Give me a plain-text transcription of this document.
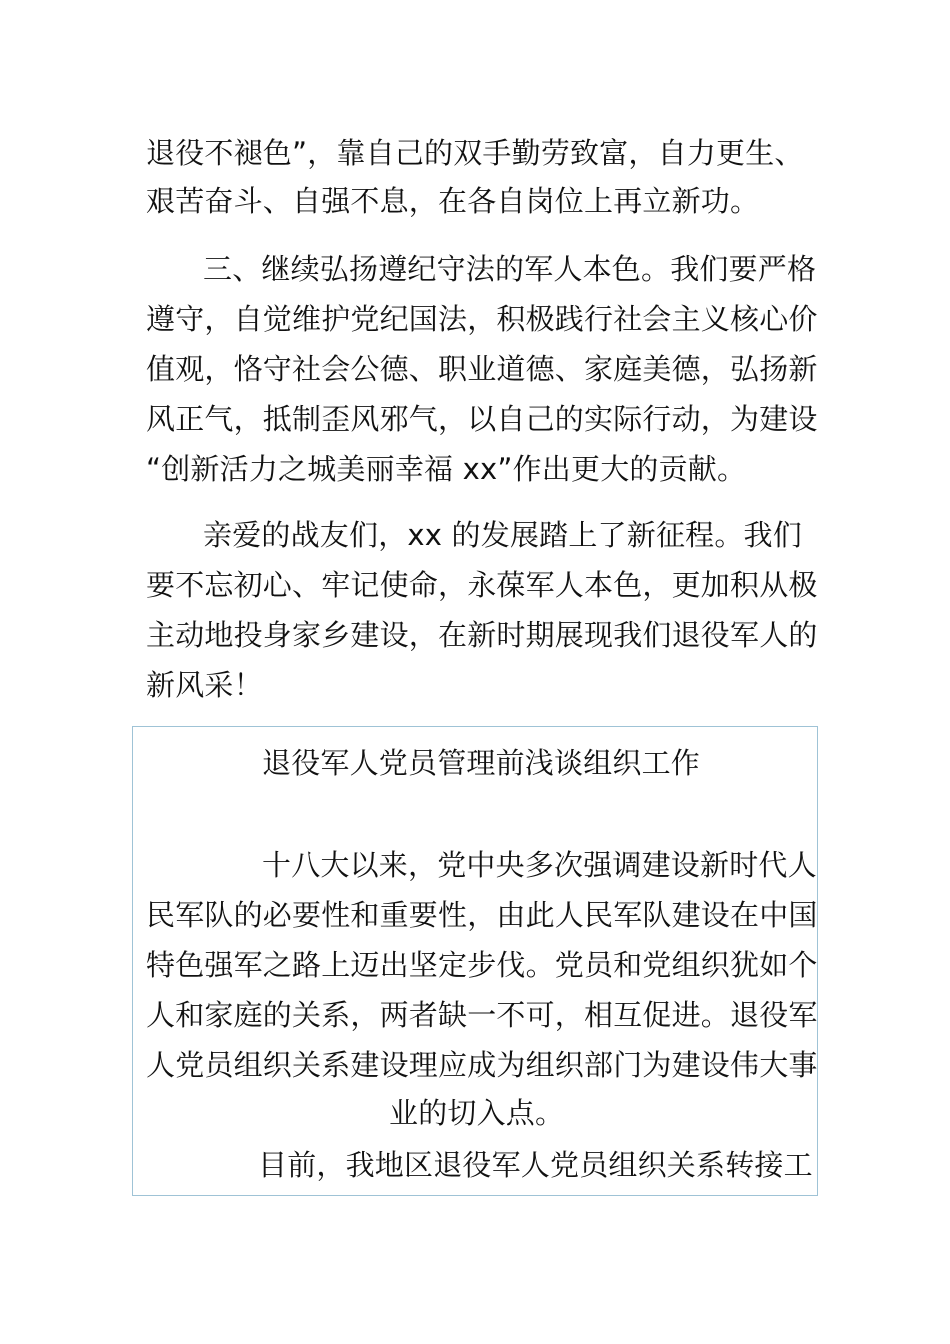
退役不褪色”，靠自己的双手勤劳致富，自力更生、
艰苦奋斗、自强不息，在各自岗位上再立新功。
三、继续弘扬遵纪守法的军人本色。我们要严格
遵守，自觉维护党纪国法，积极践行社会主义核心价
值观，恪守社会公德、职业道德、家庭美德，弘扬新
风正气，抵制歪风邪气，以自己的实际行动，为建设
“创新活力之城美丽幸福 xx”作出更大的贡献。
亲爱的战友们，xx 的发展踏上了新征程。我们
要不忘初心、牢记使命，永葆军人本色，更加积从极
主动地投身家乡建设，在新时期展现我们退役军人的
新风采！
退役军人党员管理前浅谈组织工作
十八大以来，党中央多次强调建设新时代人
民军队的必要性和重要性，由此人民军队建设在中国
特色强军之路上迈出坚定步伐。党员和党组织犹如个
人和家庭的关系，两者缺一不可，相互促进。退役军
人党员组织关系建设理应成为组织部门为建设伟大事
业的切入点。
目前，我地区退役军人党员组织关系转接工
